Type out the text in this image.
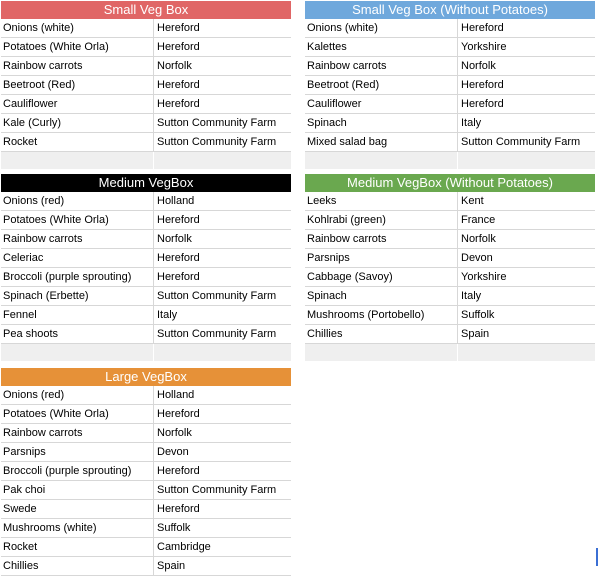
Small Veg Box
Onions (white)	Hereford
Potatoes (White Orla)	Hereford
Rainbow carrots	Norfolk
Beetroot (Red)	Hereford
Cauliflower	Hereford
Kale (Curly)	Sutton Community Farm
Rocket	Sutton Community Farm
Small Veg Box (Without Potatoes)
Onions (white)	Hereford
Kalettes	Yorkshire
Rainbow carrots	Norfolk
Beetroot (Red)	Hereford
Cauliflower	Hereford
Spinach	Italy
Mixed salad bag	Sutton Community Farm
Medium VegBox
Onions (red)	Holland
Potatoes (White Orla)	Hereford
Rainbow carrots	Norfolk
Celeriac	Hereford
Broccoli (purple sprouting)	Hereford
Spinach (Erbette)	Sutton Community Farm
Fennel	Italy
Pea shoots	Sutton Community Farm
Medium VegBox (Without Potatoes)
Leeks	Kent
Kohlrabi (green)	France
Rainbow carrots	Norfolk
Parsnips	Devon
Cabbage (Savoy)	Yorkshire
Spinach	Italy
Mushrooms (Portobello)	Suffolk
Chillies	Spain
Large VegBox
Onions (red)	Holland
Potatoes (White Orla)	Hereford
Rainbow carrots	Norfolk
Parsnips	Devon
Broccoli (purple sprouting)	Hereford
Pak choi	Sutton Community Farm
Swede	Hereford
Mushrooms (white)	Suffolk
Rocket	Cambridge
Chillies	Spain
